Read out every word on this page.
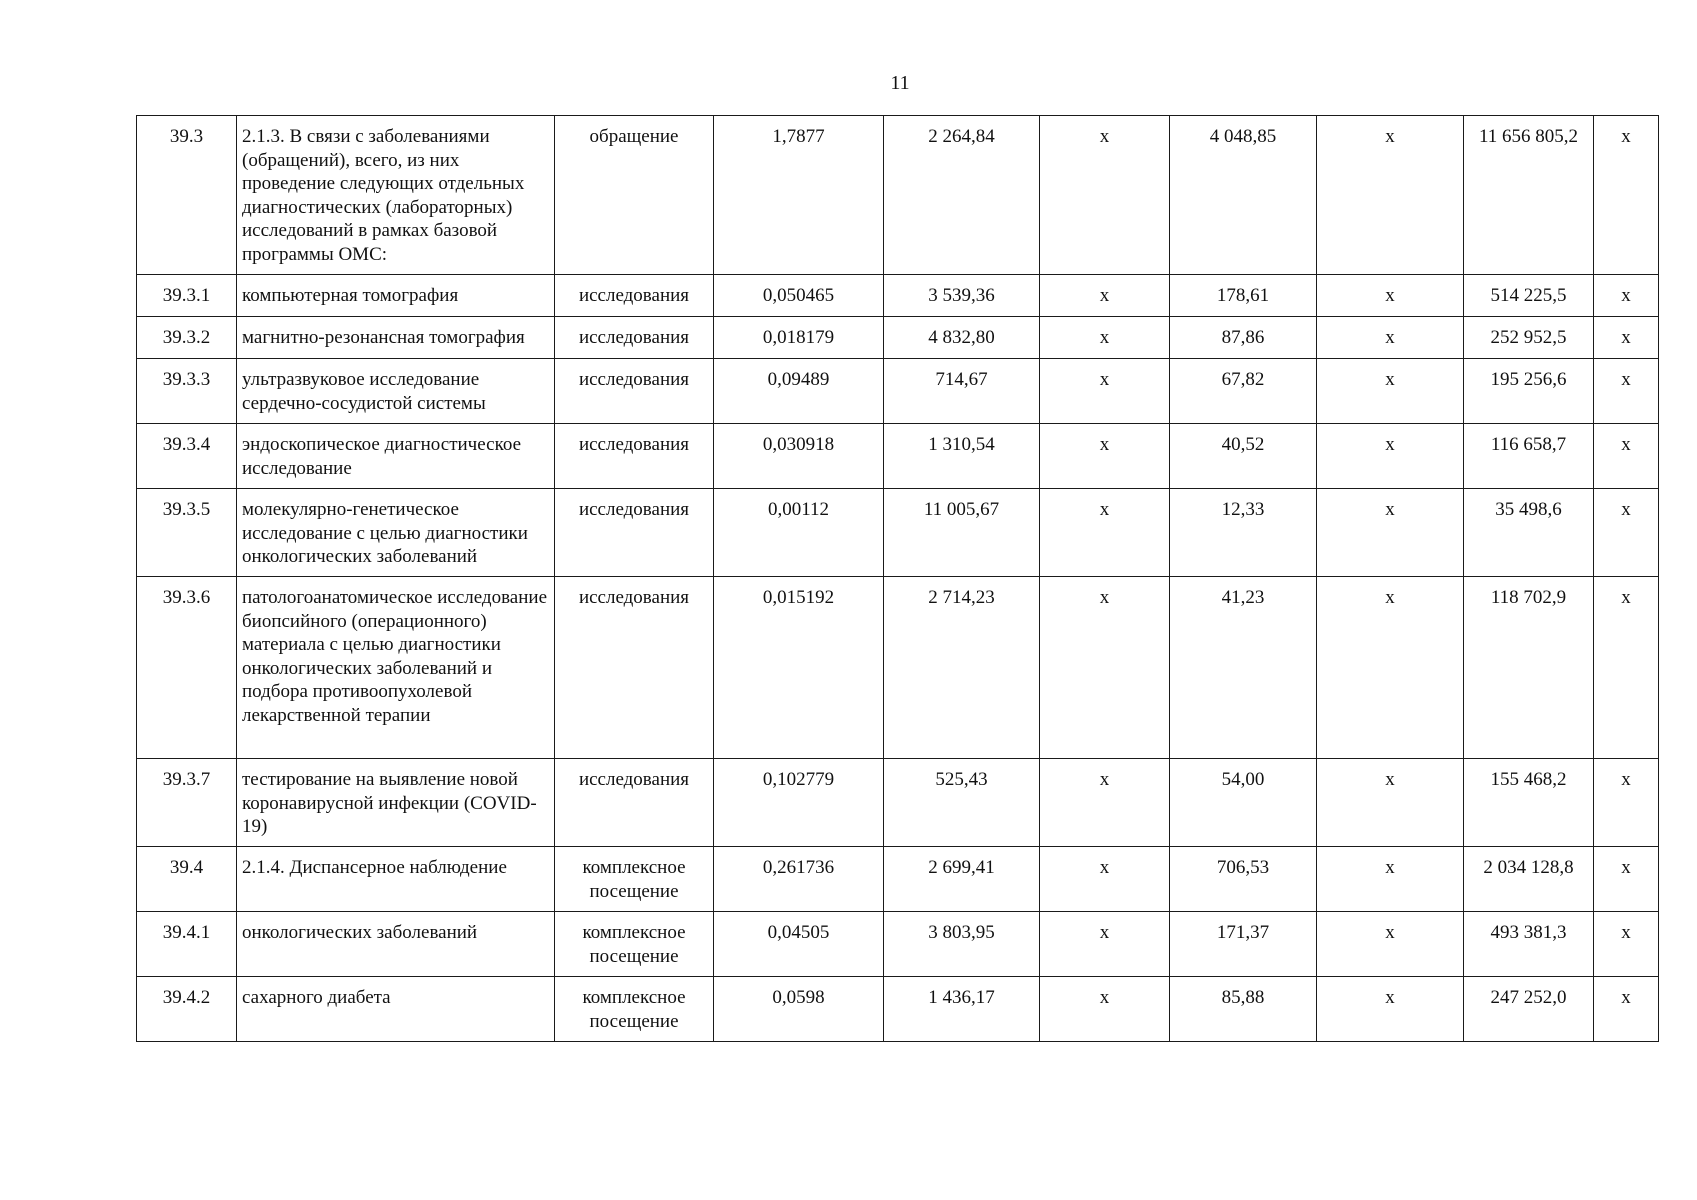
11
39.3	2.1.3. В связи с заболеваниями (обращений), всего, из них проведение следующих отдельных диагностических (лабораторных) исследований в рамках базовой программы ОМС:	обращение	1,7877	2 264,84	х	4 048,85	х	11 656 805,2	х
39.3.1	компьютерная томография	исследования	0,050465	3 539,36	х	178,61	х	514 225,5	х
39.3.2	магнитно-резонансная томография	исследования	0,018179	4 832,80	х	87,86	х	252 952,5	х
39.3.3	ультразвуковое исследование сердечно-сосудистой системы	исследования	0,09489	714,67	х	67,82	х	195 256,6	х
39.3.4	эндоскопическое диагностическое исследование	исследования	0,030918	1 310,54	х	40,52	х	116 658,7	х
39.3.5	молекулярно-генетическое исследование с целью диагностики онкологических заболеваний	исследования	0,00112	11 005,67	х	12,33	х	35 498,6	х
39.3.6	патологоанатомическое исследование биопсийного (операционного) материала с целью диагностики онкологических заболеваний и подбора противоопухолевой лекарственной терапии	исследования	0,015192	2 714,23	х	41,23	х	118 702,9	х
39.3.7	тестирование на выявление новой коронавирусной инфекции (COVID-19)	исследования	0,102779	525,43	х	54,00	х	155 468,2	х
39.4	2.1.4. Диспансерное наблюдение	комплексное посещение	0,261736	2 699,41	х	706,53	х	2 034 128,8	х
39.4.1	онкологических заболеваний	комплексное посещение	0,04505	3 803,95	х	171,37	х	493 381,3	х
39.4.2	сахарного диабета	комплексное посещение	0,0598	1 436,17	х	85,88	х	247 252,0	х
